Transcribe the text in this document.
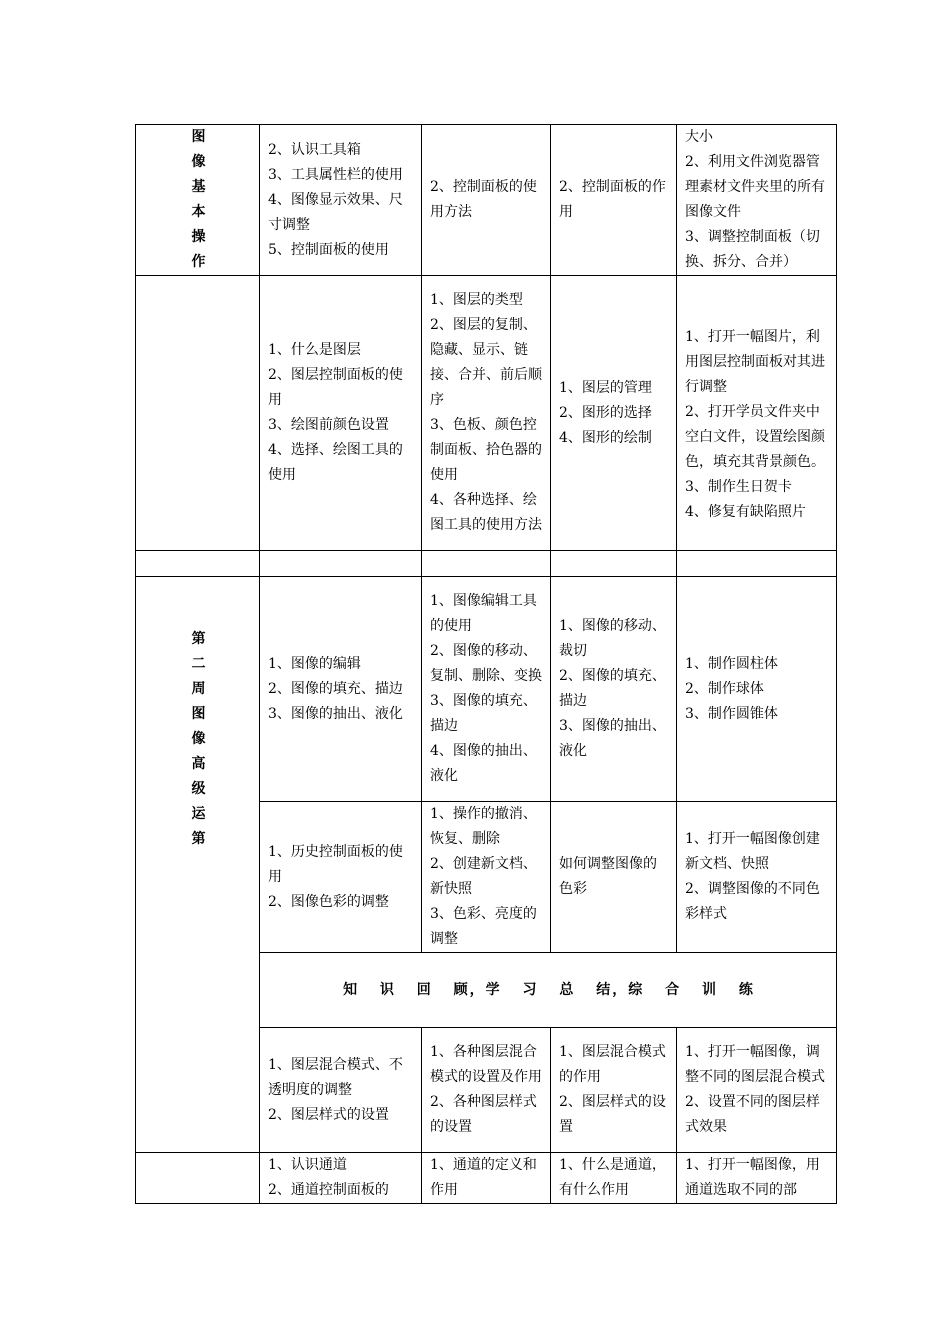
图像基本操作	2、认识工具箱
3、工具属性栏的使用
4、图像显示效果、尺寸调整
5、控制面板的使用	2、控制面板的使用方法	2、控制面板的作用	大小
2、利用文件浏览器管理素材文件夹里的所有图像文件
3、调整控制面板（切换、拆分、合并）

	1、什么是图层
2、图层控制面板的使用
3、绘图前颜色设置
4、选择、绘图工具的使用	1、图层的类型
2、图层的复制、隐藏、显示、链接、合并、前后顺序
3、色板、颜色控制面板、拾色器的使用
4、各种选择、绘图工具的使用方法	1、图层的管理
2、图形的选择
4、图形的绘制	1、打开一幅图片，利用图层控制面板对其进行调整
2、打开学员文件夹中空白文件，设置绘图颜色，填充其背景颜色。
3、制作生日贺卡
4、修复有缺陷照片

第二周 图像高级运第	1、图像的编辑
2、图像的填充、描边
3、图像的抽出、液化	1、图像编辑工具的使用
2、图像的移动、复制、删除、变换
3、图像的填充、描边
4、图像的抽出、液化	1、图像的移动、裁切
2、图像的填充、描边
3、图像的抽出、液化	1、制作圆柱体
2、制作球体
3、制作圆锥体

	1、历史控制面板的使用
2、图像色彩的调整	1、操作的撤消、恢复、删除
2、创建新文档、新快照
3、色彩、亮度的调整	如何调整图像的色彩	1、打开一幅图像创建新文档、快照
2、调整图像的不同色彩样式

	知 识 回 顾，学 习 总 结，综 合 训 练			

	1、图层混合模式、不透明度的调整
2、图层样式的设置	1、各种图层混合模式的设置及作用
2、各种图层样式的设置	1、图层混合模式的作用
2、图层样式的设置	1、打开一幅图像，调整不同的图层混合模式
2、设置不同的图层样式效果

	1、认识通道
2、通道控制面板的	1、通道的定义和作用	1、什么是通道，有什么作用	1、打开一幅图像，用通道选取不同的部
